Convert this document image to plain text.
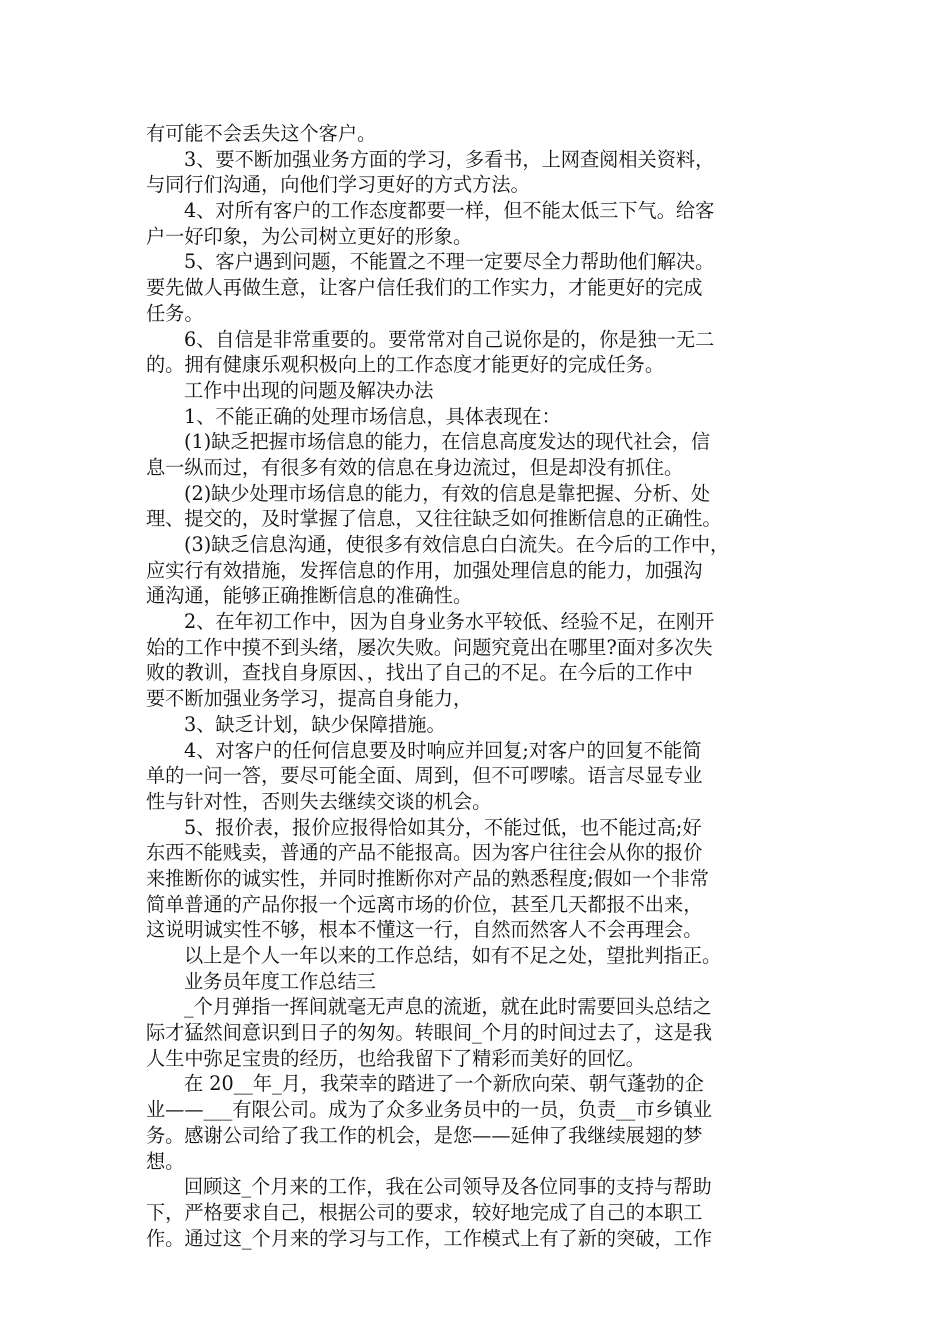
有可能不会丢失这个客户。
3、要不断加强业务方面的学习，多看书，上网查阅相关资料，
与同行们沟通，向他们学习更好的方式方法。
4、对所有客户的工作态度都要一样，但不能太低三下气。给客
户一好印象，为公司树立更好的形象。
5、客户遇到问题，不能置之不理一定要尽全力帮助他们解决。
要先做人再做生意，让客户信任我们的工作实力，才能更好的完成
任务。
6、自信是非常重要的。要常常对自己说你是的，你是独一无二
的。拥有健康乐观积极向上的工作态度才能更好的完成任务。
工作中出现的问题及解决办法
1、不能正确的处理市场信息，具体表现在：
(1)缺乏把握市场信息的能力，在信息高度发达的现代社会，信
息一纵而过，有很多有效的信息在身边流过，但是却没有抓住。
(2)缺少处理市场信息的能力，有效的信息是靠把握、分析、处
理、提交的，及时掌握了信息，又往往缺乏如何推断信息的正确性。
(3)缺乏信息沟通，使很多有效信息白白流失。在今后的工作中，
应实行有效措施，发挥信息的作用，加强处理信息的能力，加强沟
通沟通，能够正确推断信息的准确性。
2、在年初工作中，因为自身业务水平较低、经验不足，在刚开
始的工作中摸不到头绪，屡次失败。问题究竟出在哪里?面对多次失
败的教训，查找自身原因、，找出了自己的不足。在今后的工作中
要不断加强业务学习，提高自身能力，
3、缺乏计划，缺少保障措施。
4、对客户的任何信息要及时响应并回复;对客户的回复不能简
单的一问一答，要尽可能全面、周到，但不可啰嗦。语言尽显专业
性与针对性，否则失去继续交谈的机会。
5、报价表，报价应报得恰如其分，不能过低，也不能过高;好
东西不能贱卖，普通的产品不能报高。因为客户往往会从你的报价
来推断你的诚实性，并同时推断你对产品的熟悉程度;假如一个非常
简单普通的产品你报一个远离市场的价位，甚至几天都报不出来，
这说明诚实性不够，根本不懂这一行，自然而然客人不会再理会。
以上是个人一年以来的工作总结，如有不足之处，望批判指正。
业务员年度工作总结三
_个月弹指一挥间就毫无声息的流逝，就在此时需要回头总结之
际才猛然间意识到日子的匆匆。转眼间_个月的时间过去了，这是我
人生中弥足宝贵的经历，也给我留下了精彩而美好的回忆。
在 20__年_月，我荣幸的踏进了一个新欣向荣、朝气蓬勃的企
业——___有限公司。成为了众多业务员中的一员，负责__市乡镇业
务。感谢公司给了我工作的机会，是您——延伸了我继续展翅的梦
想。
回顾这_个月来的工作，我在公司领导及各位同事的支持与帮助
下，严格要求自己，根据公司的要求，较好地完成了自己的本职工
作。通过这_个月来的学习与工作，工作模式上有了新的突破，工作
